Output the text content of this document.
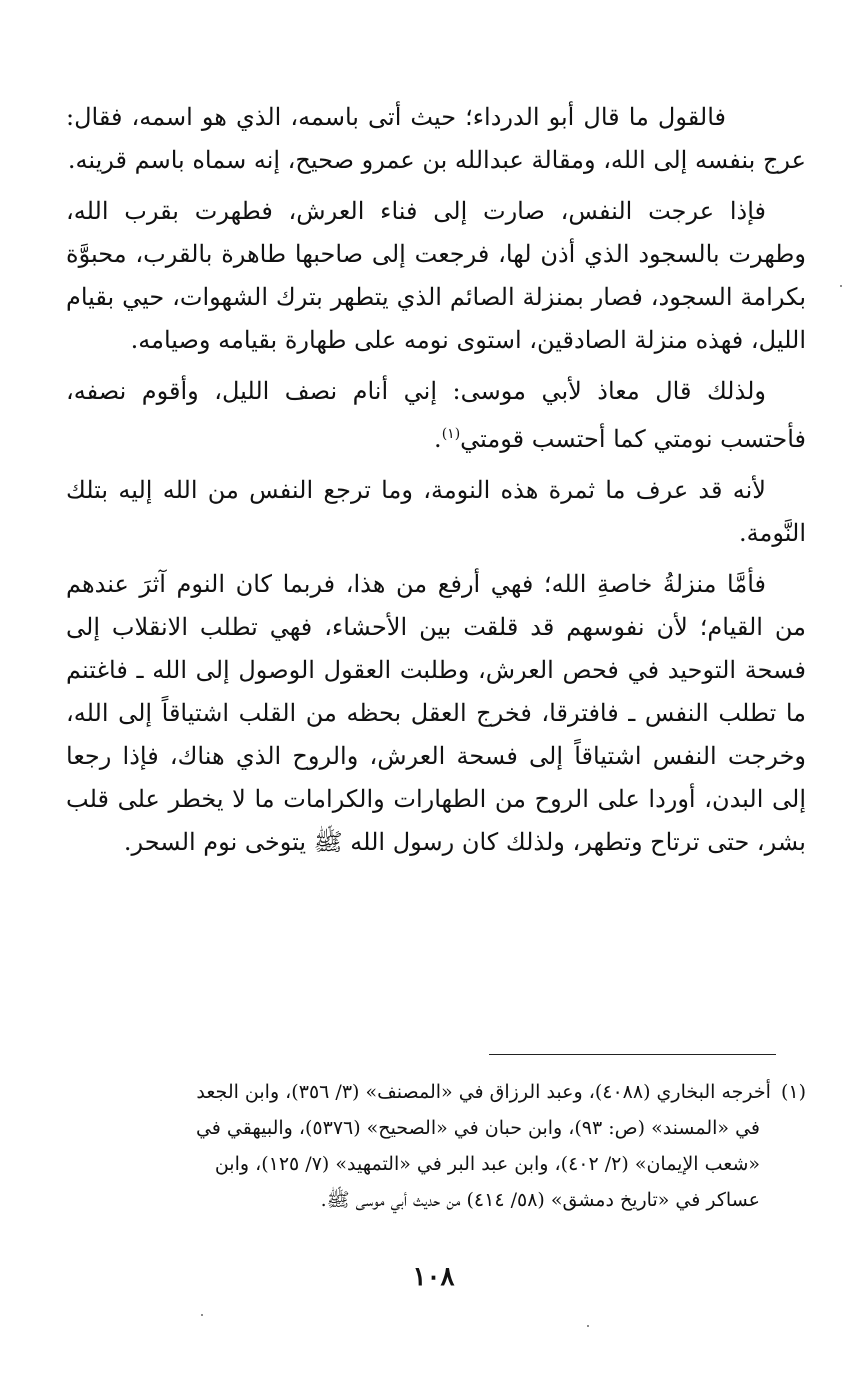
فالقول ما قال أبو الدرداء؛ حيث أتى باسمه، الذي هو اسمه، فقال: عرج بنفسه إلى الله، ومقالة عبدالله بن عمرو صحيح، إنه سماه باسم قرينه.

فإذا عرجت النفس، صارت إلى فناء العرش، فطهرت بقرب الله، وطهرت بالسجود الذي أذن لها، فرجعت إلى صاحبها طاهرة بالقرب، محبوَّة بكرامة السجود، فصار بمنزلة الصائم الذي يتطهر بترك الشهوات، حيي بقيام الليل، فهذه منزلة الصادقين، استوى نومه على طهارة بقيامه وصيامه.

ولذلك قال معاذ لأبي موسى: إني أنام نصف الليل، وأقوم نصفه، فأحتسب نومتي كما أحتسب قومتي$^{(١)}$.

لأنه قد عرف ما ثمرة هذه النومة، وما ترجع النفس من الله إليه بتلك النَّومة.

فأمَّا منزلةُ خاصةِ الله؛ فهي أرفع من هذا، فربما كان النوم آثرَ عندهم من القيام؛ لأن نفوسهم قد قلقت بين الأحشاء، فهي تطلب الانقلاب إلى فسحة التوحيد في فحص العرش، وطلبت العقول الوصول إلى الله ـ فاغتنم ما تطلب النفس ـ فافترقا، فخرج العقل بحظه من القلب اشتياقاً إلى الله، وخرجت النفس اشتياقاً إلى فسحة العرش، والروح الذي هناك، فإذا رجعا إلى البدن، أوردا على الروح من الطهارات والكرامات ما لا يخطر على قلب بشر، حتى ترتاح وتطهر، ولذلك كان رسول الله ﷺ يتوخى نوم السحر.

(١)أخرجه البخاري (٤٠٨٨)، وعبد الرزاق في «المصنف» (٣/ ٣٥٦)، وابن الجعد
في «المسند» (ص: ٩٣)، وابن حبان في «الصحيح» (٥٣٧٦)، والبيهقي في
«شعب الإيمان» (٢/ ٤٠٢)، وابن عبد البر في «التمهيد» (٧/ ١٢٥)، وابن
عساكر في «تاريخ دمشق» (٥٨/ ٤١٤) من حديث أبي موسى ﷺ.
١٠٨
